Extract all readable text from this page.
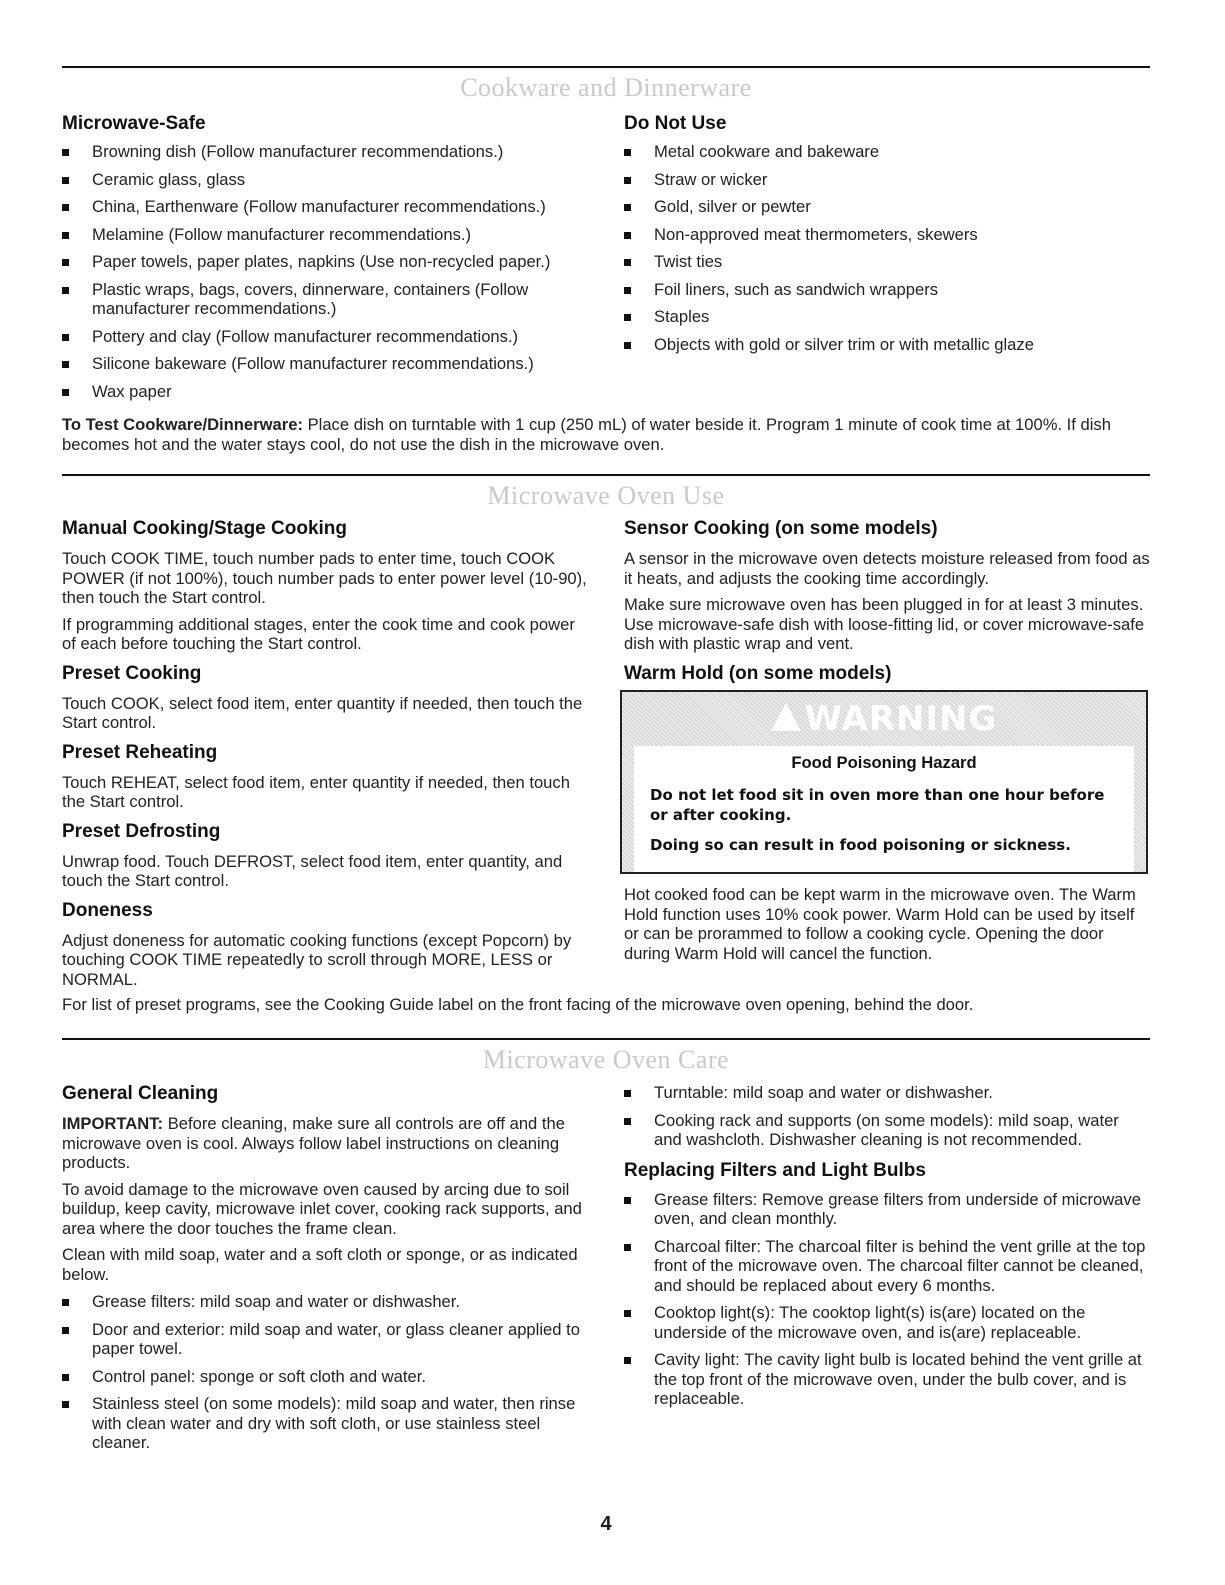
Cookware and Dinnerware
Microwave-Safe
Browning dish (Follow manufacturer recommendations.)
Ceramic glass, glass
China, Earthenware (Follow manufacturer recommendations.)
Melamine (Follow manufacturer recommendations.)
Paper towels, paper plates, napkins (Use non-recycled paper.)
Plastic wraps, bags, covers, dinnerware, containers (Follow manufacturer recommendations.)
Pottery and clay (Follow manufacturer recommendations.)
Silicone bakeware (Follow manufacturer recommendations.)
Wax paper
Do Not Use
Metal cookware and bakeware
Straw or wicker
Gold, silver or pewter
Non-approved meat thermometers, skewers
Twist ties
Foil liners, such as sandwich wrappers
Staples
Objects with gold or silver trim or with metallic glaze

To Test Cookware/Dinnerware: Place dish on turntable with 1 cup (250 mL) of water beside it. Program 1 minute of cook time at 100%. If dish becomes hot and the water stays cool, do not use the dish in the microwave oven.

Microwave Oven Use
Manual Cooking/Stage Cooking

Touch COOK TIME, touch number pads to enter time, touch COOK POWER (if not 100%), touch number pads to enter power level (10-90), then touch the Start control.

If programming additional stages, enter the cook time and cook power of each before touching the Start control.

Preset Cooking

Touch COOK, select food item, enter quantity if needed, then touch the Start control.

Preset Reheating

Touch REHEAT, select food item, enter quantity if needed, then touch the Start control.

Preset Defrosting

Unwrap food. Touch DEFROST, select food item, enter quantity, and touch the Start control.

Doneness

Adjust doneness for automatic cooking functions (except Popcorn) by touching COOK TIME repeatedly to scroll through MORE, LESS or NORMAL.

Sensor Cooking (on some models)

A sensor in the microwave oven detects moisture released from food as it heats, and adjusts the cooking time accordingly.

Make sure microwave oven has been plugged in for at least 3 minutes. Use microwave-safe dish with loose-fitting lid, or cover microwave-safe dish with plastic wrap and vent.

Warm Hold (on some models)
WARNING
Food Poisoning Hazard
Do not let food sit in oven more than one hour before or after cooking.
Doing so can result in food poisoning or sickness.

Hot cooked food can be kept warm in the microwave oven. The Warm Hold function uses 10% cook power. Warm Hold can be used by itself or can be prorammed to follow a cooking cycle. Opening the door during Warm Hold will cancel the function.

For list of preset programs, see the Cooking Guide label on the front facing of the microwave oven opening, behind the door.

Microwave Oven Care
General Cleaning

IMPORTANT: Before cleaning, make sure all controls are off and the microwave oven is cool. Always follow label instructions on cleaning products.

To avoid damage to the microwave oven caused by arcing due to soil buildup, keep cavity, microwave inlet cover, cooking rack supports, and area where the door touches the frame clean.

Clean with mild soap, water and a soft cloth or sponge, or as indicated below.

Grease filters: mild soap and water or dishwasher.
Door and exterior: mild soap and water, or glass cleaner applied to paper towel.
Control panel: sponge or soft cloth and water.
Stainless steel (on some models): mild soap and water, then rinse with clean water and dry with soft cloth, or use stainless steel cleaner.
Turntable: mild soap and water or dishwasher.
Cooking rack and supports (on some models): mild soap, water and washcloth. Dishwasher cleaning is not recommended.
Replacing Filters and Light Bulbs
Grease filters: Remove grease filters from underside of microwave oven, and clean monthly.
Charcoal filter: The charcoal filter is behind the vent grille at the top front of the microwave oven. The charcoal filter cannot be cleaned, and should be replaced about every 6 months.
Cooktop light(s): The cooktop light(s) is(are) located on the underside of the microwave oven, and is(are) replaceable.
Cavity light: The cavity light bulb is located behind the vent grille at the top front of the microwave oven, under the bulb cover, and is replaceable.
4
